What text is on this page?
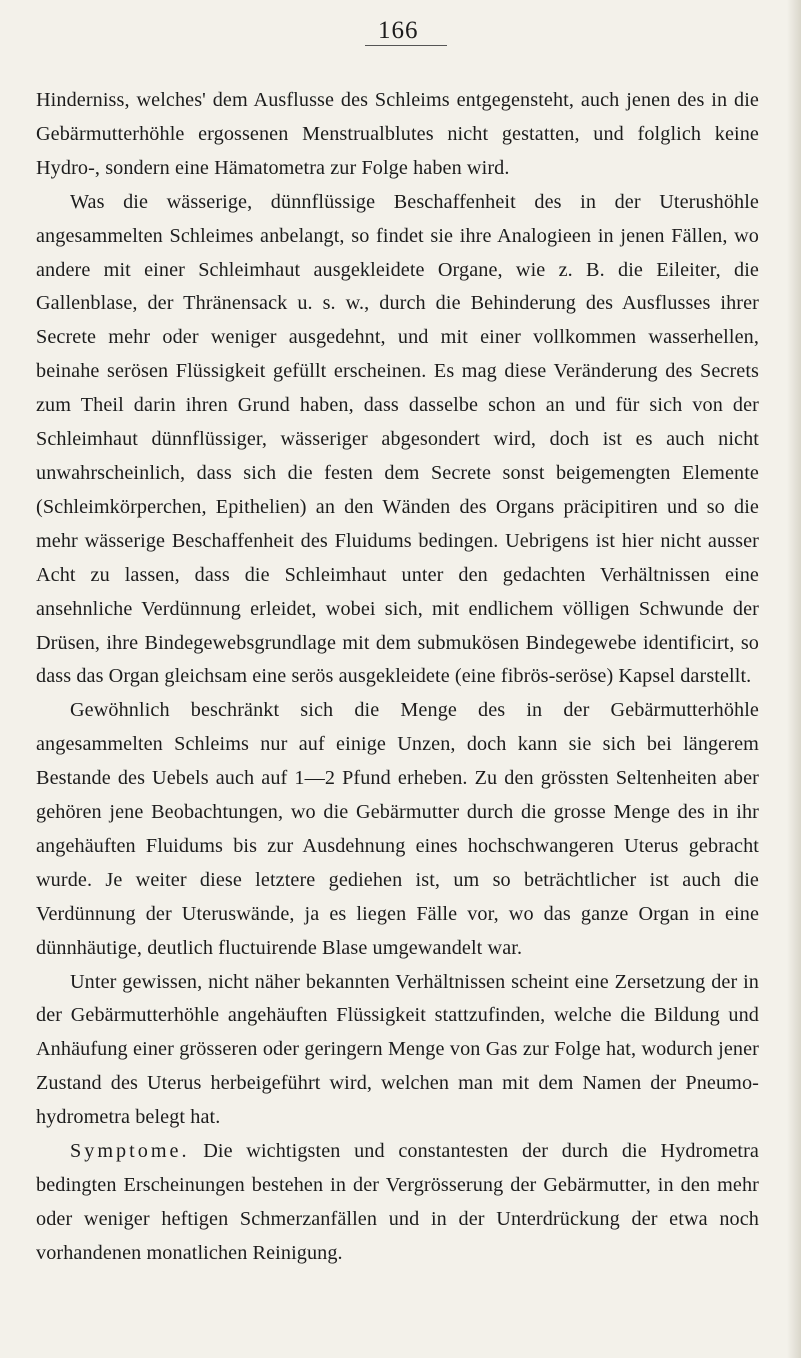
166

Hinderniss, welches' dem Ausflusse des Schleims entgegensteht, auch jenen des in die Gebärmutterhöhle ergossenen Menstrualblutes nicht gestatten, und folglich keine Hydro-, sondern eine Hämatometra zur Folge haben wird.

Was die wässerige, dünnflüssige Beschaffenheit des in der Uterushöhle angesammelten Schleimes anbelangt, so findet sie ihre Analogieen in jenen Fällen, wo andere mit einer Schleimhaut ausgekleidete Organe, wie z. B. die Eileiter, die Gallenblase, der Thränensack u. s. w., durch die Behinderung des Ausflusses ihrer Secrete mehr oder weniger ausgedehnt, und mit einer vollkommen wasserhellen, beinahe serösen Flüssigkeit gefüllt erscheinen. Es mag diese Veränderung des Secrets zum Theil darin ihren Grund haben, dass dasselbe schon an und für sich von der Schleimhaut dünnflüssiger, wässeriger abgesondert wird, doch ist es auch nicht unwahrscheinlich, dass sich die festen dem Secrete sonst beigemengten Elemente (Schleimkörperchen, Epithelien) an den Wänden des Organs präcipitiren und so die mehr wässerige Beschaffenheit des Fluidums bedingen. Uebrigens ist hier nicht ausser Acht zu lassen, dass die Schleimhaut unter den gedachten Verhältnissen eine ansehnliche Verdünnung erleidet, wobei sich, mit endlichem völligen Schwunde der Drüsen, ihre Bindegewebsgrundlage mit dem submukösen Bindegewebe identificirt, so dass das Organ gleichsam eine serös ausgekleidete (eine fibrös-seröse) Kapsel darstellt.

Gewöhnlich beschränkt sich die Menge des in der Gebärmutterhöhle angesammelten Schleims nur auf einige Unzen, doch kann sie sich bei längerem Bestande des Uebels auch auf 1—2 Pfund erheben. Zu den grössten Seltenheiten aber gehören jene Beobachtungen, wo die Gebärmutter durch die grosse Menge des in ihr angehäuften Fluidums bis zur Ausdehnung eines hochschwangeren Uterus gebracht wurde. Je weiter diese letztere gediehen ist, um so beträchtlicher ist auch die Verdünnung der Uteruswände, ja es liegen Fälle vor, wo das ganze Organ in eine dünnhäutige, deutlich fluctuirende Blase umgewandelt war.

Unter gewissen, nicht näher bekannten Verhältnissen scheint eine Zersetzung der in der Gebärmutterhöhle angehäuften Flüssigkeit stattzufinden, welche die Bildung und Anhäufung einer grösseren oder geringern Menge von Gas zur Folge hat, wodurch jener Zustand des Uterus herbeigeführt wird, welchen man mit dem Namen der Pneumo-hydrometra belegt hat.

Symptome. Die wichtigsten und constantesten der durch die Hydrometra bedingten Erscheinungen bestehen in der Vergrösserung der Gebärmutter, in den mehr oder weniger heftigen Schmerzanfällen und in der Unterdrückung der etwa noch vorhandenen monatlichen Reinigung.
